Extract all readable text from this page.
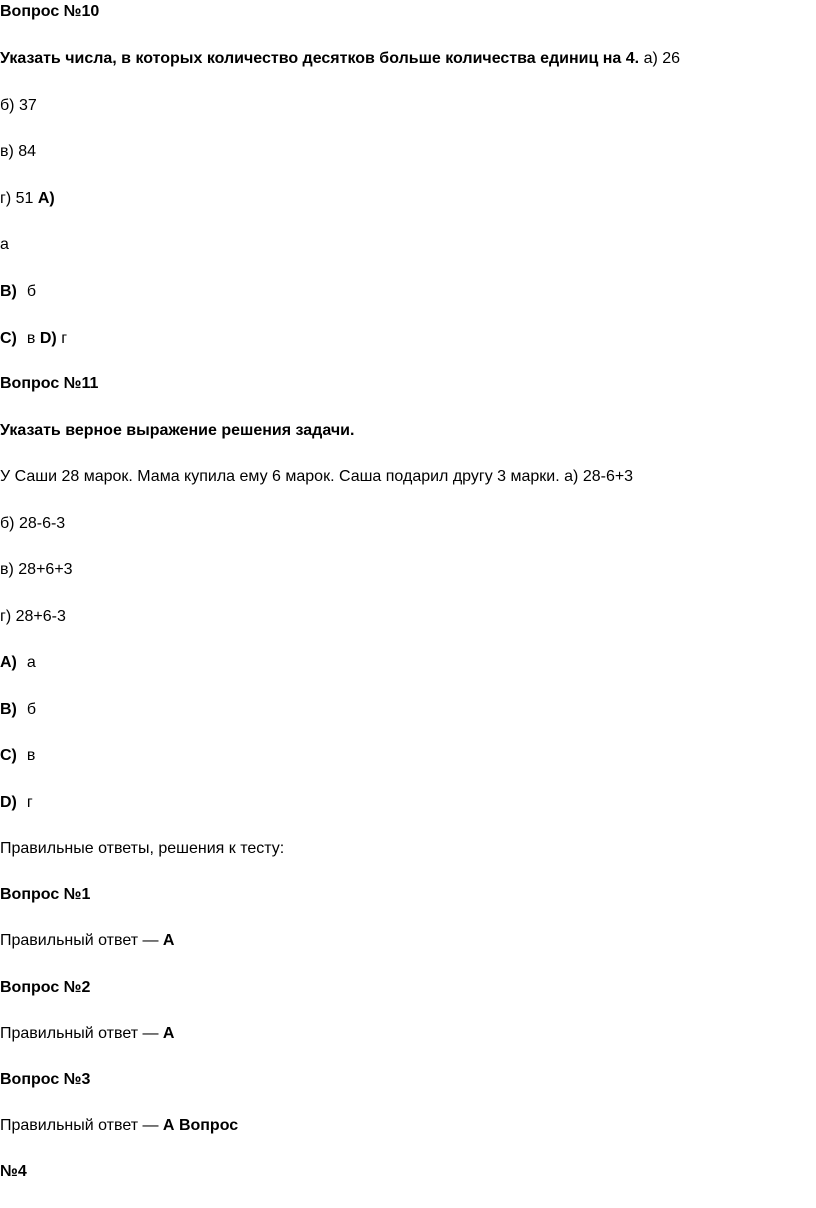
Вопрос №10
Указать числа, в которых количество десятков больше количества единиц на 4. а) 26
б) 37
в) 84
г) 51 А)
а
В) б
С) в D) г
Вопрос №11
Указать верное выражение решения задачи.
У Саши 28 марок. Мама купила ему 6 марок. Саша подарил другу 3 марки. а) 28-6+3
б) 28-6-3
в) 28+6+3
г) 28+6-3
А) а
В) б
С) в
D) г
Правильные ответы, решения к тесту:
Вопрос №1
Правильный ответ — А
Вопрос №2
Правильный ответ — А
Вопрос №3
Правильный ответ — А Вопрос
№4
